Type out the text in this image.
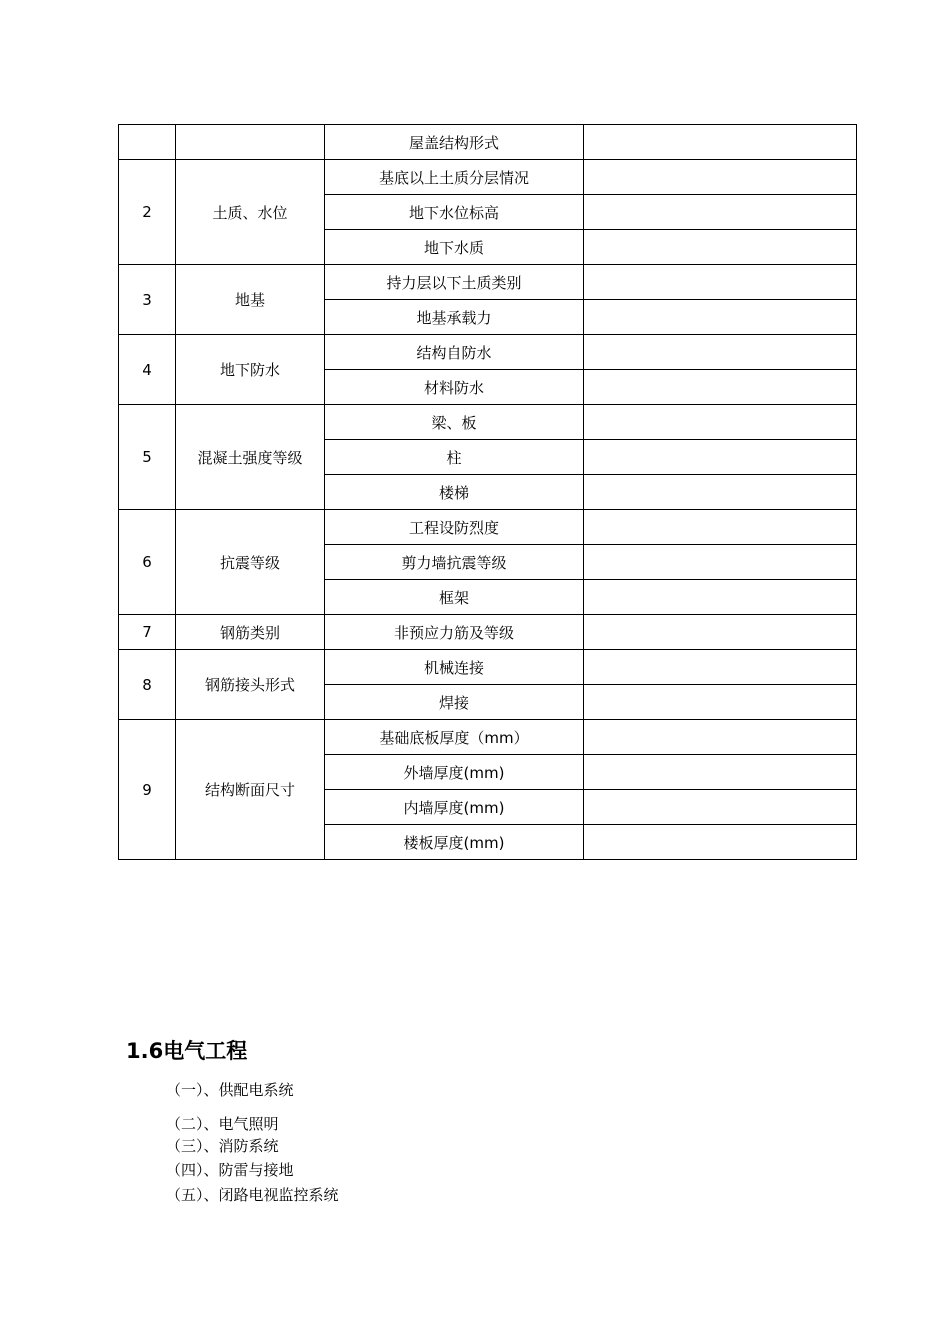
		屋盖结构形式	
2	土质、水位	基底以上土质分层情况	
		地下水位标高	
		地下水质	
3	地基	持力层以下土质类别	
		地基承载力	
4	地下防水	结构自防水	
		材料防水	
5	混凝土强度等级	梁、板	
		柱	
		楼梯	
6	抗震等级	工程设防烈度	
		剪力墙抗震等级	
		框架	
7	钢筋类别	非预应力筋及等级	
8	钢筋接头形式	机械连接	
		焊接	
9	结构断面尺寸	基础底板厚度（mm）	
		外墙厚度(mm)	
		内墙厚度(mm)	
		楼板厚度(mm)	
1.6电气工程

（一）、供配电系统

（二）、电气照明

（三）、消防系统

（四）、防雷与接地

（五）、闭路电视监控系统
